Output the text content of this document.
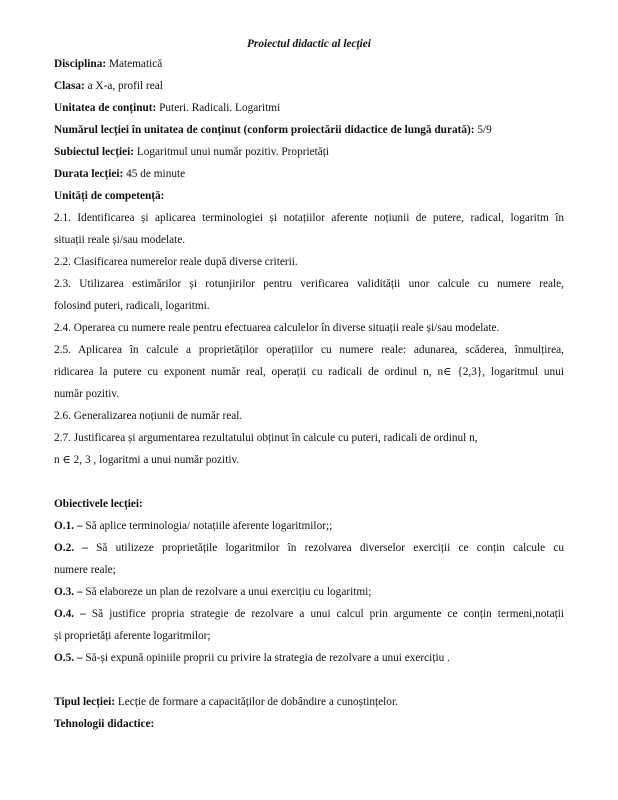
Proiectul didactic al lecției
Disciplina: Matematică
Clasa: a X-a, profil real
Unitatea de conținut: Puteri. Radicali. Logaritmi
Numărul lecției în unitatea de conținut (conform proiectării didactice de lungă durată): 5/9
Subiectul lecției: Logaritmul unui număr pozitiv. Proprietăți
Durata lecției: 45 de minute
Unități de competență:
2.1. Identificarea și aplicarea terminologiei și notațiilor aferente noțiunii de putere, radical, logaritm în
situații reale și/sau modelate.
2.2. Clasificarea numerelor reale după diverse criterii.
2.3. Utilizarea estimărilor și rotunjirilor pentru verificarea validității unor calcule cu numere reale,
folosind puteri, radicali, logaritmi.
2.4. Operarea cu numere reale pentru efectuarea calculelor în diverse situații reale și/sau modelate.
2.5. Aplicarea în calcule a proprietăților operațiilor cu numere reale: adunarea, scăderea, înmulțirea,
ridicarea la putere cu exponent număr real, operații cu radicali de ordinul n, n∈ {2,3}, logaritmul unui
număr pozitiv.
2.6. Generalizarea noțiunii de număr real.
2.7. Justificarea și argumentarea rezultatului obținut în calcule cu puteri, radicali de ordinul n,
n ∈ 2, 3 , logaritmi a unui număr pozitiv.
Obiectivele lecției:
O.1. – Să aplice terminologia/ notațiile aferente logaritmilor;;
O.2. – Să utilizeze proprietățile logaritmilor în rezolvarea diverselor exerciții ce conțin calcule cu
numere reale;
O.3. – Să elaboreze un plan de rezolvare a unui exercițiu cu logaritmi;
O.4. – Să justifice propria strategie de rezolvare a unui calcul prin argumente ce conțin termeni,notații
și proprietăți aferente logaritmilor;
O.5. – Să-și expună opiniile proprii cu privire la strategia de rezolvare a unui exercițiu .
Tipul lecției: Lecție de formare a capacităților de dobândire a cunoștințelor.
Tehnologii didactice:
